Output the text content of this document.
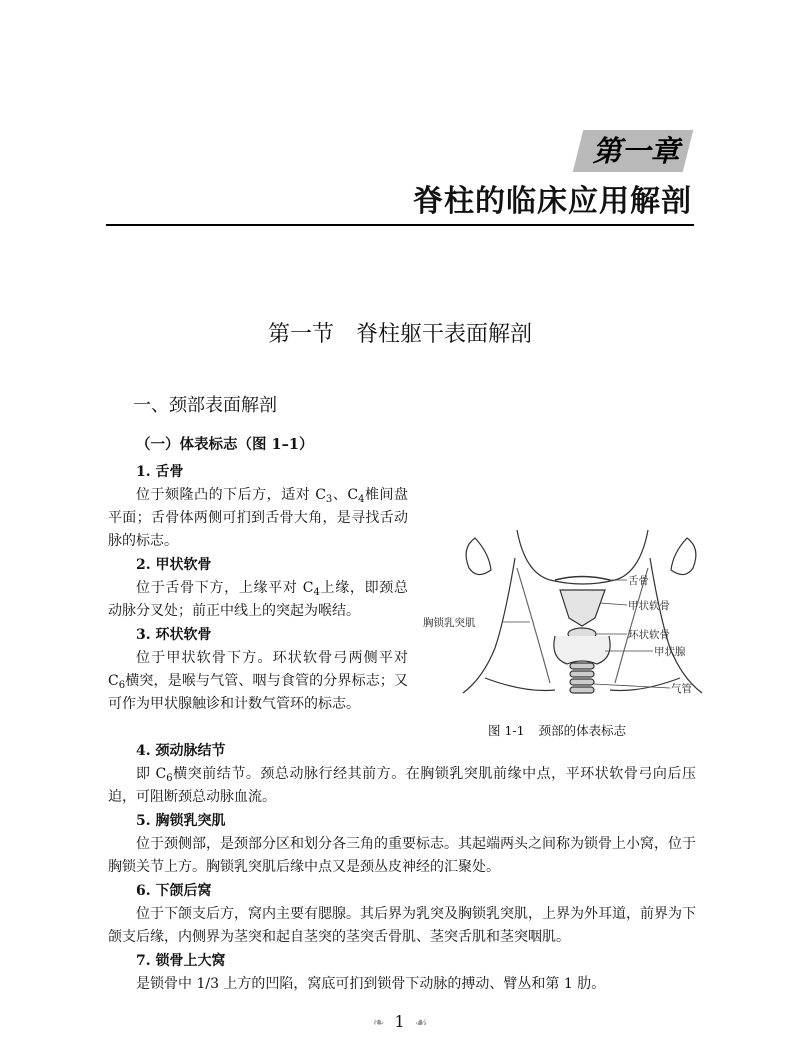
第一章
脊柱的临床应用解剖
第一节　脊柱躯干表面解剖
一、颈部表面解剖
（一）体表标志（图 1–1）
1. 舌骨
位于颏隆凸的下后方，适对 $C_3$、$C_4$椎间盘平面；舌骨体两侧可扪到舌骨大角，是寻找舌动脉的标志。
2. 甲状软骨
位于舌骨下方，上缘平对 $C_4$上缘，即颈总动脉分叉处；前正中线上的突起为喉结。
3. 环状软骨
位于甲状软骨下方。环状软骨弓两侧平对 $C_6$横突，是喉与气管、咽与食管的分界标志；又可作为甲状腺触诊和计数气管环的标志。
舌骨
甲状软骨
胸锁乳突肌
环状软骨
甲状腺
气管
图 1-1 颈部的体表标志
4. 颈动脉结节
即 $C_6$横突前结节。颈总动脉行经其前方。在胸锁乳突肌前缘中点，平环状软骨弓向后压迫，可阻断颈总动脉血流。
5. 胸锁乳突肌
位于颈侧部，是颈部分区和划分各三角的重要标志。其起端两头之间称为锁骨上小窝，位于胸锁关节上方。胸锁乳突肌后缘中点又是颈丛皮神经的汇聚处。
6. 下颌后窝
位于下颌支后方，窝内主要有腮腺。其后界为乳突及胸锁乳突肌，上界为外耳道，前界为下颌支后缘，内侧界为茎突和起自茎突的茎突舌骨肌、茎突舌肌和茎突咽肌。
7. 锁骨上大窝
是锁骨中 1/3 上方的凹陷，窝底可扪到锁骨下动脉的搏动、臂丛和第 1 肋。
❧ 1 ☙
